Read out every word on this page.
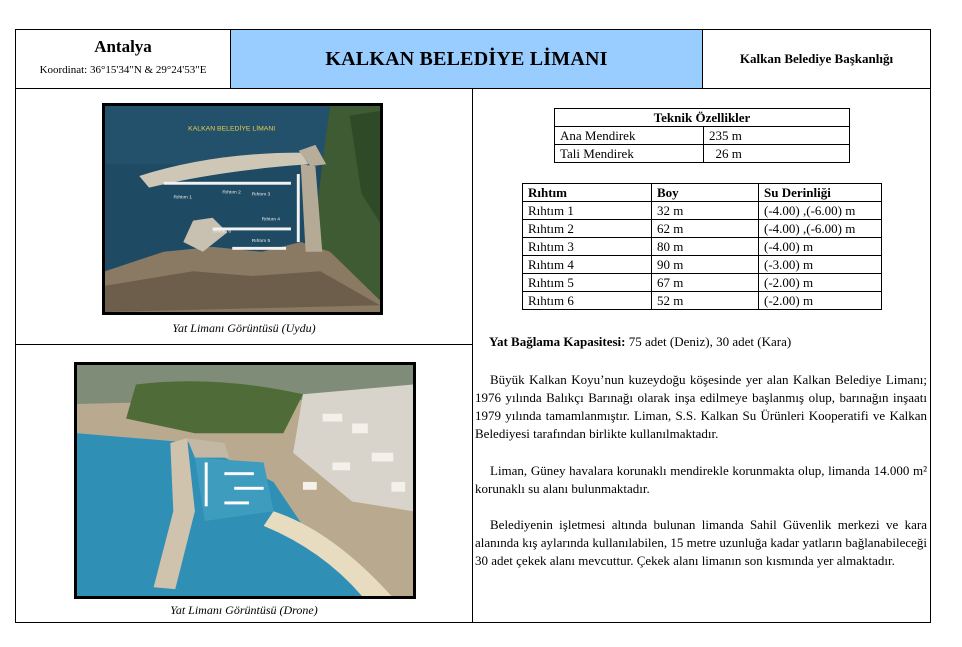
Antalya
Koordinat: 36°15'34"N & 29°24'53"E
KALKAN BELEDİYE LİMANI	Kalkan Belediye Başkanlığı
KALKAN BELEDİYE LİMANI
Rıhtım 1
Rıhtım 2 Rıhtım 3
Rıhtım 4
Rıhtım 5
Rıhtım 6
Yat Limanı Görüntüsü (Uydu)
Yat Limanı Görüntüsü (Drone)
Teknik Özellikler	
Ana Mendirek	235 m
Tali Mendirek	26 m
Rıhtım	Boy	Su Derinliği
Rıhtım 1	32 m	(-4.00) ,(-6.00) m
Rıhtım 2	62 m	(-4.00) ,(-6.00) m
Rıhtım 3	80 m	(-4.00) m
Rıhtım 4	90 m	(-3.00) m
Rıhtım 5	67 m	(-2.00) m
Rıhtım 6	52 m	(-2.00) m
Yat Bağlama Kapasitesi: 75 adet (Deniz), 30 adet (Kara)
Büyük Kalkan Koyu’nun kuzeydoğu köşesinde yer alan Kalkan Belediye Limanı; 1976 yılında Balıkçı Barınağı olarak inşa edilmeye başlanmış olup, barınağın inşaatı 1979 yılında tamamlanmıştır. Liman, S.S. Kalkan Su Ürünleri Kooperatifi ve Kalkan Belediyesi tarafından birlikte kullanılmaktadır.
Liman, Güney havalara korunaklı mendirekle korunmakta olup, limanda 14.000 m² korunaklı su alanı bulunmaktadır.
Belediyenin işletmesi altında bulunan limanda Sahil Güvenlik merkezi ve kara alanında kış aylarında kullanılabilen, 15 metre uzunluğa kadar yatların bağlanabileceği 30 adet çekek alanı mevcuttur. Çekek alanı limanın son kısmında yer almaktadır.
